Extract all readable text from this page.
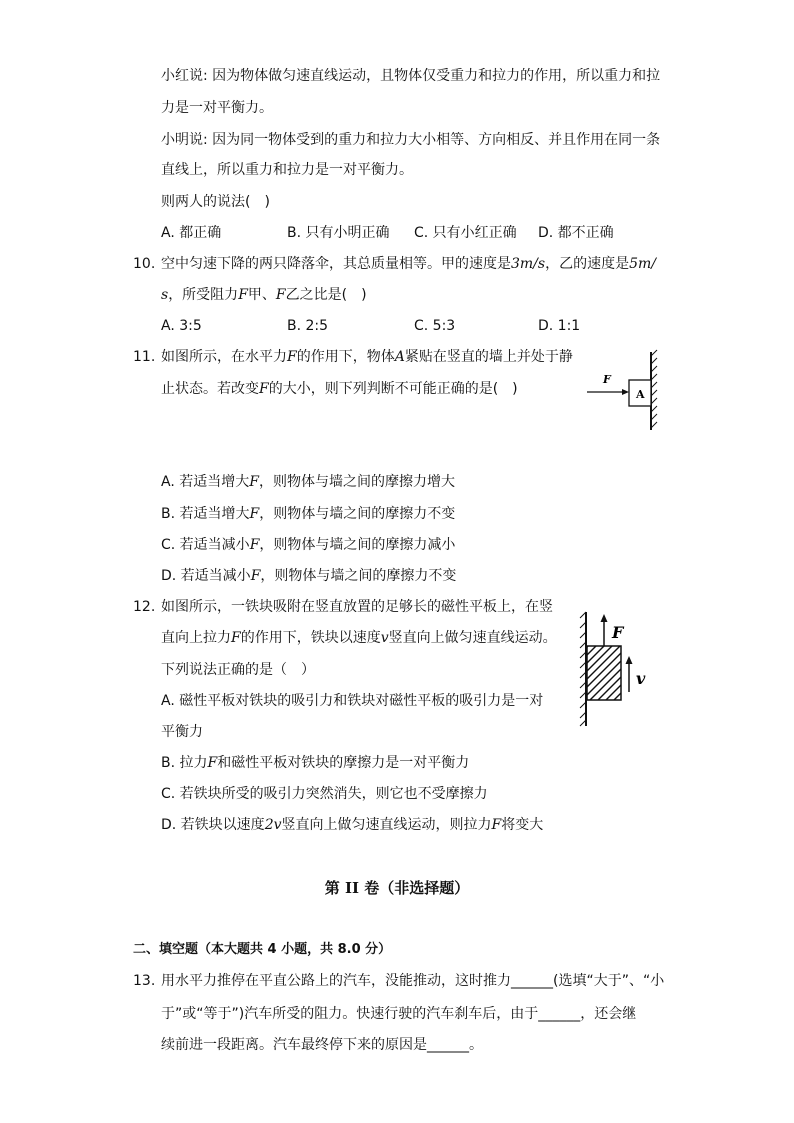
小红说: 因为物体做匀速直线运动，且物体仅受重力和拉力的作用，所以重力和拉
力是一对平衡力。
小明说: 因为同一物体受到的重力和拉力大小相等、方向相反、并且作用在同一条
直线上，所以重力和拉力是一对平衡力。
则两人的说法(　)
A. 都正确	B. 只有小明正确 C. 只有小红正确 D. 都不正确
10. 空中匀速下降的两只降落伞，其总质量相等。甲的速度是3m/s，乙的速度是5m/
s，所受阻力F甲、F乙之比是(　)
A. 3:5	B. 2:5	C. 5:3	D. 1:1
11. 如图所示，在水平力F的作用下，物体A紧贴在竖直的墙上并处于静
止状态。若改变F的大小，则下列判断不可能正确的是(　)	A
F
A. 若适当增大F，则物体与墙之间的摩擦力增大
B. 若适当增大F，则物体与墙之间的摩擦力不变
C. 若适当减小F，则物体与墙之间的摩擦力减小
D. 若适当减小F，则物体与墙之间的摩擦力不变
12. 如图所示，一铁块吸附在竖直放置的足够长的磁性平板上，在竖
直向上拉力F的作用下，铁块以速度v竖直向上做匀速直线运动。
下列说法正确的是（　）
A. 磁性平板对铁块的吸引力和铁块对磁性平板的吸引力是一对
平衡力
B. 拉力F和磁性平板对铁块的摩擦力是一对平衡力
C. 若铁块所受的吸引力突然消失，则它也不受摩擦力
D. 若铁块以速度2v竖直向上做匀速直线运动，则拉力F将变大
F
v
第 II 卷（非选择题）
二、填空题（本大题共 4 小题，共 8.0 分）
13. 用水平力推停在平直公路上的汽车，没能推动，这时推力______(选填“大于”、“小
于”或“等于”)汽车所受的阻力。快速行驶的汽车刹车后，由于______，还会继
续前进一段距离。汽车最终停下来的原因是______。
